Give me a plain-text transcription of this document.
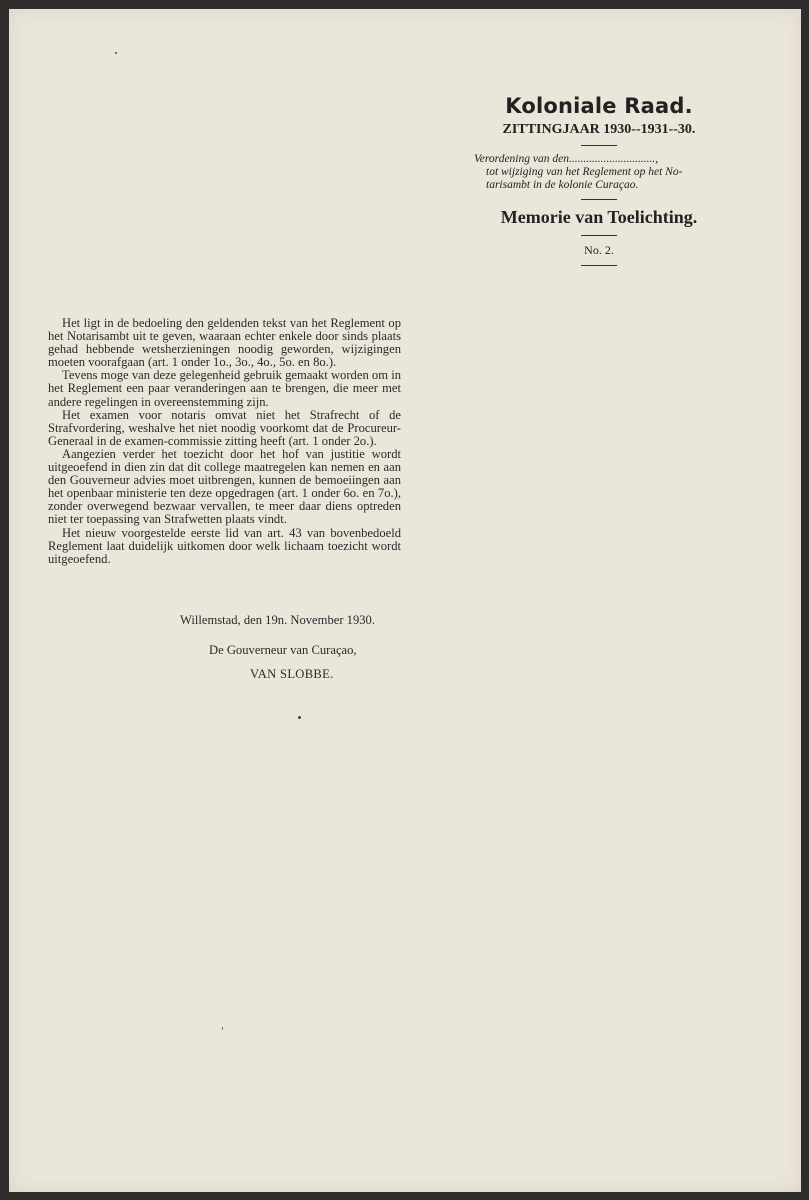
Koloniale Raad.
ZITTINGJAAR 1930--1931--30.
Verordening van den..............................,
tot wijziging van het Reglement op het No-
tarisambt in de kolonie Curaçao.
Memorie van Toelichting.
No. 2.

Het ligt in de bedoeling den geldenden tekst van het Reglement op het Notarisambt uit te geven, waaraan echter enkele door sinds plaats gehad hebbende wetsherzieningen noodig geworden, wijzigingen moeten voorafgaan (art. 1 onder 1o., 3o., 4o., 5o. en 8o.).

Tevens moge van deze gelegenheid gebruik gemaakt worden om in het Reglement een paar veranderingen aan te brengen, die meer met andere regelingen in overeenstemming zijn.

Het examen voor notaris omvat niet het Strafrecht of de Strafvordering, weshalve het niet noodig voorkomt dat de Procureur-Generaal in de examen-commissie zitting heeft (art. 1 onder 2o.).

Aangezien verder het toezicht door het hof van justitie wordt uitgeoefend in dien zin dat dit college maatregelen kan nemen en aan den Gouverneur advies moet uitbrengen, kunnen de bemoeiingen aan het openbaar ministerie ten deze opgedragen (art. 1 onder 6o. en 7o.), zonder overwegend bezwaar vervallen, te meer daar diens optreden niet ter toepassing van Strafwetten plaats vindt.

Het nieuw voorgestelde eerste lid van art. 43 van bovenbedoeld Reglement laat duidelijk uitkomen door welk lichaam toezicht wordt uitgeoefend.

Willemstad, den 19n. November 1930.
De Gouverneur van Curaçao,
VAN SLOBBE.
